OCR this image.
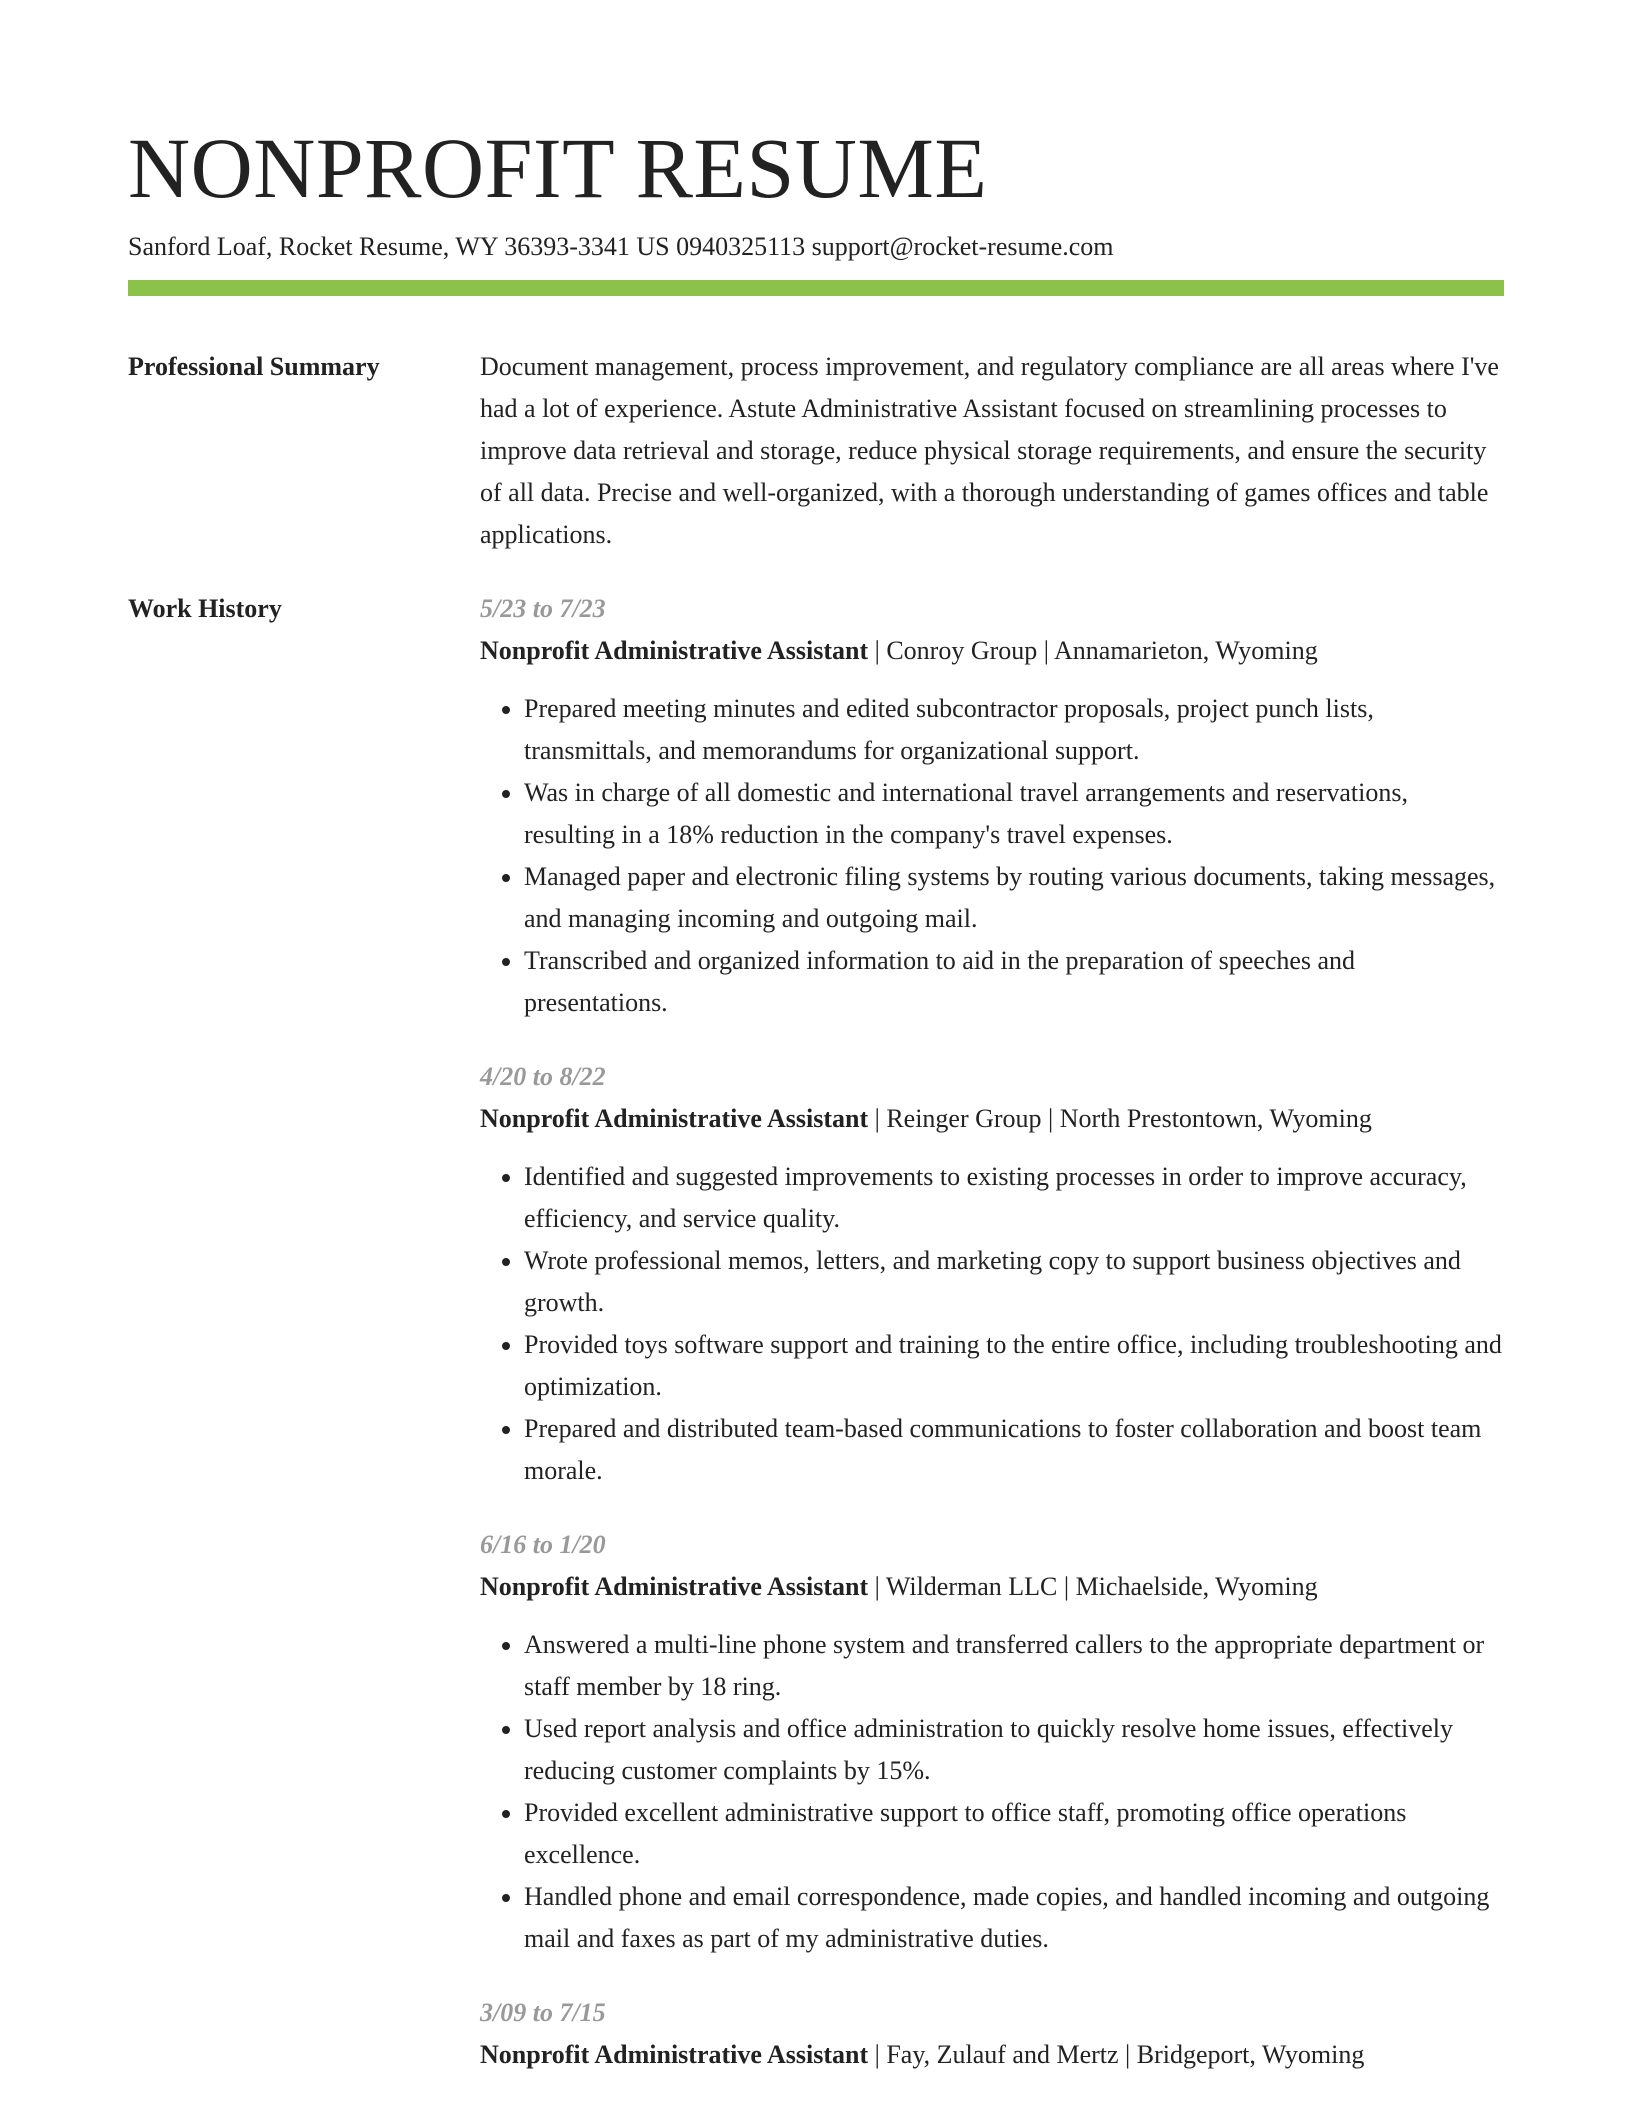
NONPROFIT RESUME
Sanford Loaf, Rocket Resume, WY 36393-3341 US 0940325113 support@rocket-resume.com
Professional Summary	Document management, process improvement, and regulatory compliance are all areas where I've had a lot of experience. Astute Administrative Assistant focused on streamlining processes to improve data retrieval and storage, reduce physical storage requirements, and ensure the security of all data. Precise and well-organized, with a thorough understanding of games offices and table applications.

Work History	5/23 to 7/23
Nonprofit Administrative Assistant | Conroy Group | Annamarieton, Wyoming
• Prepared meeting minutes and edited subcontractor proposals, project punch lists, transmittals, and memorandums for organizational support.
• Was in charge of all domestic and international travel arrangements and reservations, resulting in a 18% reduction in the company's travel expenses.
• Managed paper and electronic filing systems by routing various documents, taking messages, and managing incoming and outgoing mail.
• Transcribed and organized information to aid in the preparation of speeches and presentations.
4/20 to 8/22
Nonprofit Administrative Assistant | Reinger Group | North Prestontown, Wyoming
• Identified and suggested improvements to existing processes in order to improve accuracy, efficiency, and service quality.
• Wrote professional memos, letters, and marketing copy to support business objectives and growth.
• Provided toys software support and training to the entire office, including troubleshooting and optimization.
• Prepared and distributed team-based communications to foster collaboration and boost team morale.
6/16 to 1/20
Nonprofit Administrative Assistant | Wilderman LLC | Michaelside, Wyoming
• Answered a multi-line phone system and transferred callers to the appropriate department or staff member by 18 ring.
• Used report analysis and office administration to quickly resolve home issues, effectively reducing customer complaints by 15%.
• Provided excellent administrative support to office staff, promoting office operations excellence.
• Handled phone and email correspondence, made copies, and handled incoming and outgoing mail and faxes as part of my administrative duties.
3/09 to 7/15
Nonprofit Administrative Assistant | Fay, Zulauf and Mertz | Bridgeport, Wyoming
